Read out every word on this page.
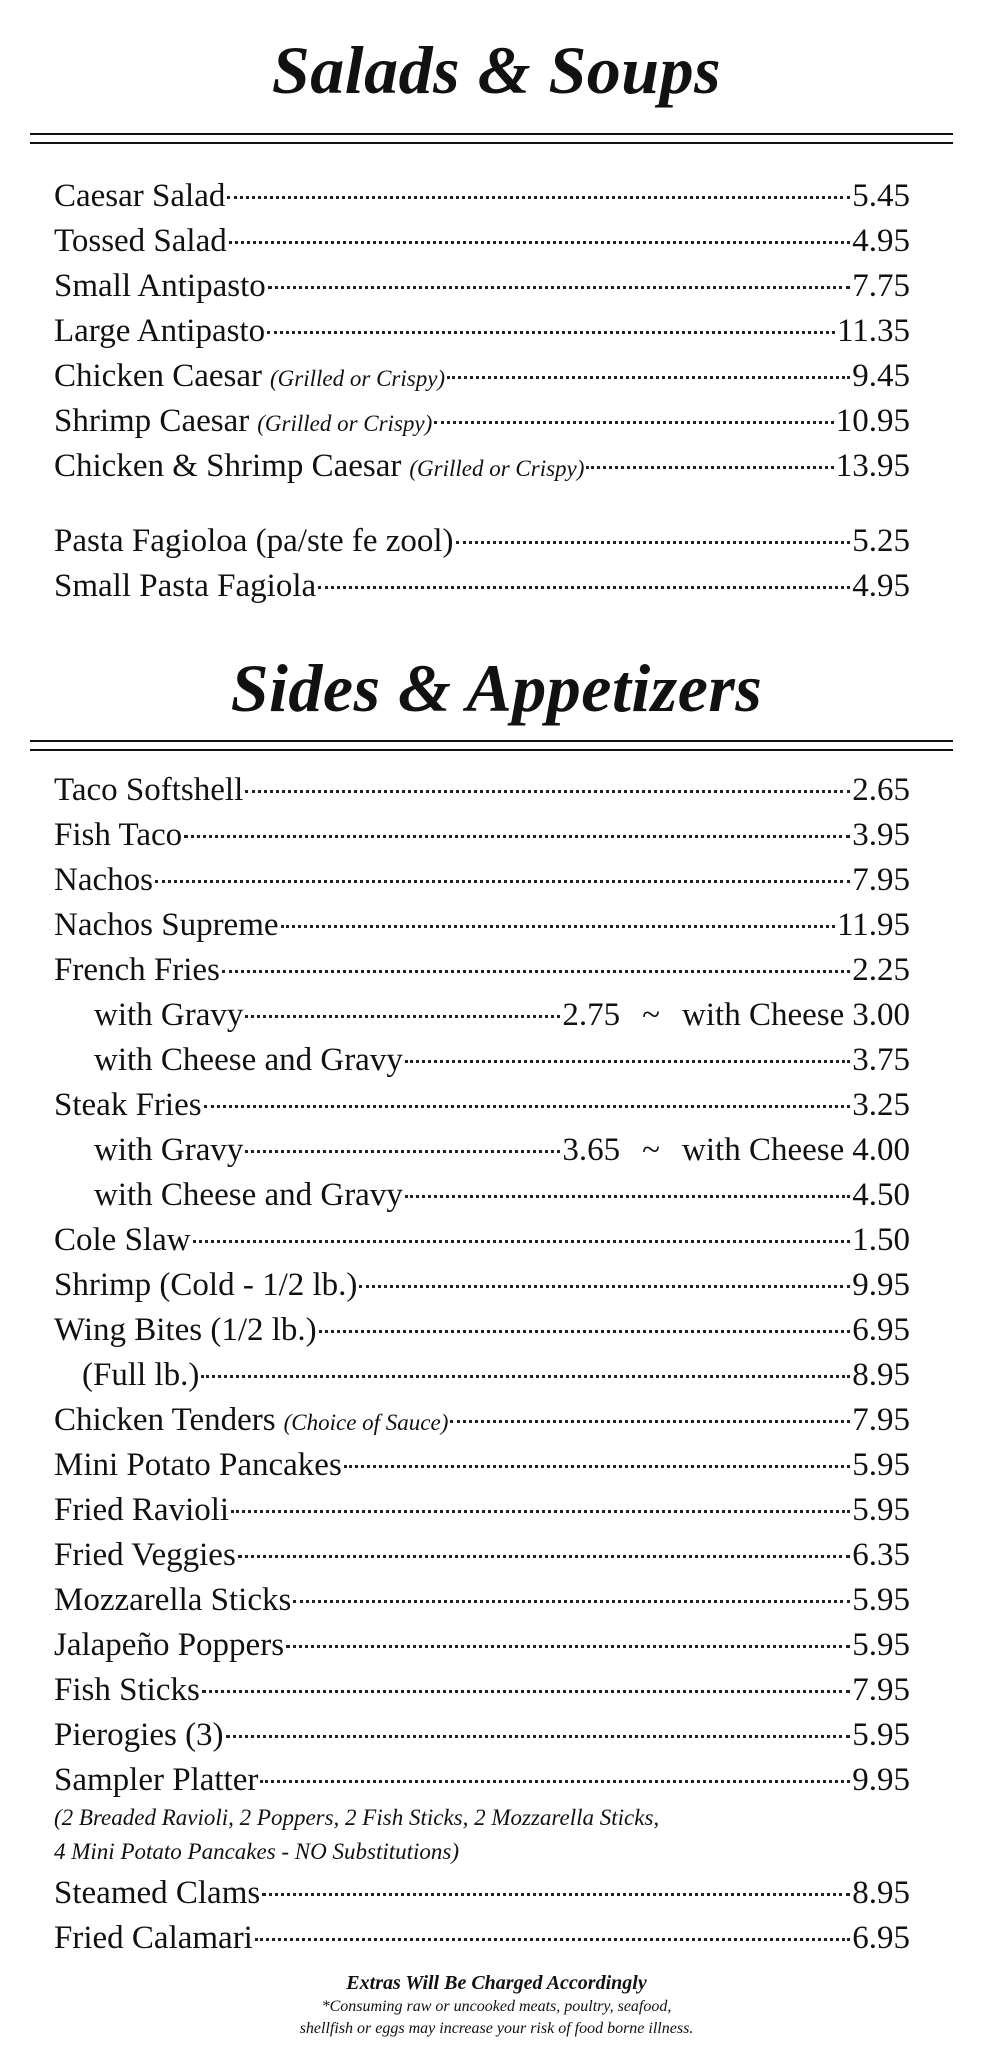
Salads & Soups
Caesar Salad	5.45
Tossed Salad	4.95
Small Antipasto	7.75
Large Antipasto	11.35
Chicken Caesar (Grilled or Crispy)	9.45
Shrimp Caesar (Grilled or Crispy)	10.95
Chicken & Shrimp Caesar (Grilled or Crispy)	13.95
Pasta Fagioloa (pa/ste fe zool)	5.25
Small Pasta Fagiola	4.95
Sides & Appetizers
Taco Softshell	2.65
Fish Taco	3.95
Nachos	7.95
Nachos Supreme	11.95
French Fries	2.25
with Gravy	2.75 ~ with Cheese 3.00
with Cheese and Gravy	3.75
Steak Fries	3.25
with Gravy	3.65 ~ with Cheese 4.00
with Cheese and Gravy	4.50
Cole Slaw	1.50
Shrimp (Cold - 1/2 lb.)	9.95
Wing Bites (1/2 lb.)	6.95
(Full lb.)	8.95
Chicken Tenders (Choice of Sauce)	7.95
Mini Potato Pancakes	5.95
Fried Ravioli	5.95
Fried Veggies	6.35
Mozzarella Sticks	5.95
Jalapeño Poppers	5.95
Fish Sticks	7.95
Pierogies (3)	5.95
Sampler Platter	9.95
(2 Breaded Ravioli, 2 Poppers, 2 Fish Sticks, 2 Mozzarella Sticks,
4 Mini Potato Pancakes - NO Substitutions)
Steamed Clams	8.95
Fried Calamari	6.95
Extras Will Be Charged Accordingly
*Consuming raw or uncooked meats, poultry, seafood,
shellfish or eggs may increase your risk of food borne illness.
